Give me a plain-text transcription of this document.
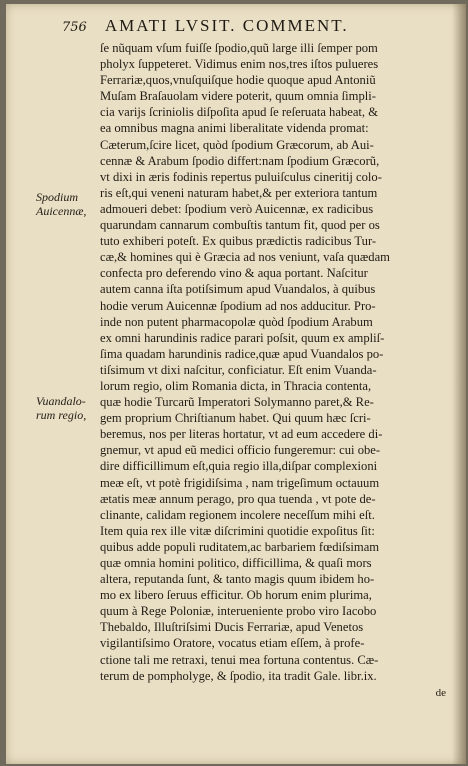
756 AMATI LVSIT. COMMENT.
Spodium
Auicennæ,
Vuandalo-
rum regio,
ſe nũquam vſum fuiſſe ſpodio,quũ large illi ſemper pom
pholyx ſuppeteret. Vidimus enim nos,tres iſtos pulueres
Ferrariæ,quos,vnuſquiſque hodie quoque apud Antoniũ
Muſam Braſauolam videre poterit, quum omnia ſimpli-
cia varijs ſcriniolis diſpoſita apud ſe reſeruata habeat, &
ea omnibus magna animi liberalitate videnda promat:
Cæterum,ſcire licet, quòd ſpodium Græcorum, ab Aui-
cennæ & Arabum ſpodio differt:nam ſpodium Græcorũ,
vt dixi in æris fodinis repertus puluiſculus cineritij colo-
ris eſt,qui veneni naturam habet,& per exteriora tantum
admoueri debet: ſpodium verò Auicennæ, ex radicibus
quarundam cannarum combuſtis tantum fit, quod per os
tuto exhiberi poteſt. Ex quibus prædictis radicibus Tur-
cæ,& homines qui è Græcia ad nos veniunt, vaſa quædam
confecta pro deferendo vino & aqua portant. Naſcitur
autem canna iſta potiſsimum apud Vuandalos, à quibus
hodie verum Auicennæ ſpodium ad nos adducitur. Pro-
inde non putent pharmacopolæ quòd ſpodium Arabum
ex omni harundinis radice parari poſsit, quum ex ampliſ-
ſima quadam harundinis radice,quæ apud Vuandalos po-
tiſsimum vt dixi naſcitur, conficiatur. Eſt enim Vuanda-
lorum regio, olim Romania dicta, in Thracia contenta,
quæ hodie Turcarũ Imperatori Solymanno paret,& Re-
gem proprium Chriſtianum habet. Qui quum hæc ſcri-
beremus, nos per literas hortatur, vt ad eum accedere di-
gnemur, vt apud eũ medici officio fungeremur: cui obe-
dire difficillimum eſt,quia regio illa,diſpar complexioni
meæ eſt, vt potè frigidiſsima , nam trigeſimum octauum
ætatis meæ annum perago, pro qua tuenda , vt pote de-
clinante, calidam regionem incolere neceſſum mihi eſt.
Item quia rex ille vitæ diſcrimini quotidie expoſitus ſit:
quibus adde populi ruditatem,ac barbariem fœdiſsimam
quæ omnia homini politico, difficillima, & quaſi mors
altera, reputanda ſunt, & tanto magis quum ibidem ho-
mo ex libero ſeruus efficitur. Ob horum enim plurima,
quum à Rege Poloniæ, interueniente probo viro Iacobo
Thebaldo, Illuſtriſsimi Ducis Ferrariæ, apud Venetos
vigilantiſsimo Oratore, vocatus etiam eſſem, à profe-
ctione tali me retraxi, tenui mea fortuna contentus. Cæ-
terum de pompholyge, & ſpodio, ita tradit Gale. libr.ix.
de
